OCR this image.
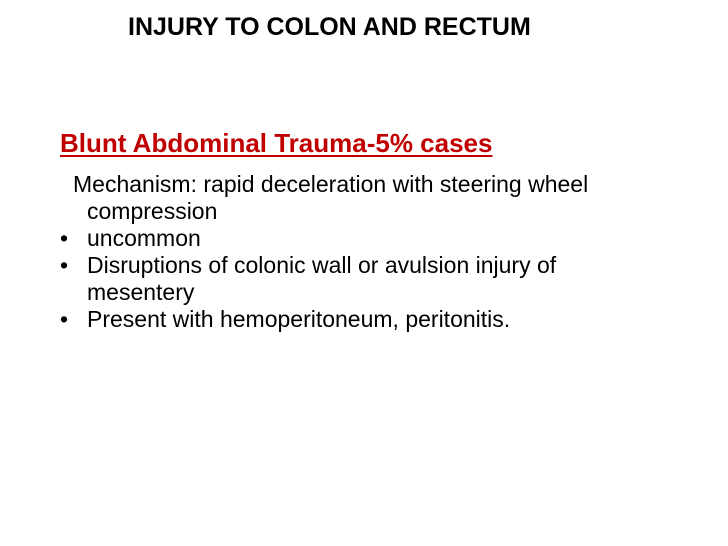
INJURY TO COLON AND RECTUM
Blunt Abdominal Trauma-5% cases

Mechanism: rapid deceleration with steering wheel compression

• uncommon
• Disruptions of colonic wall or avulsion injury of mesentery
• Present with hemoperitoneum, peritonitis.
